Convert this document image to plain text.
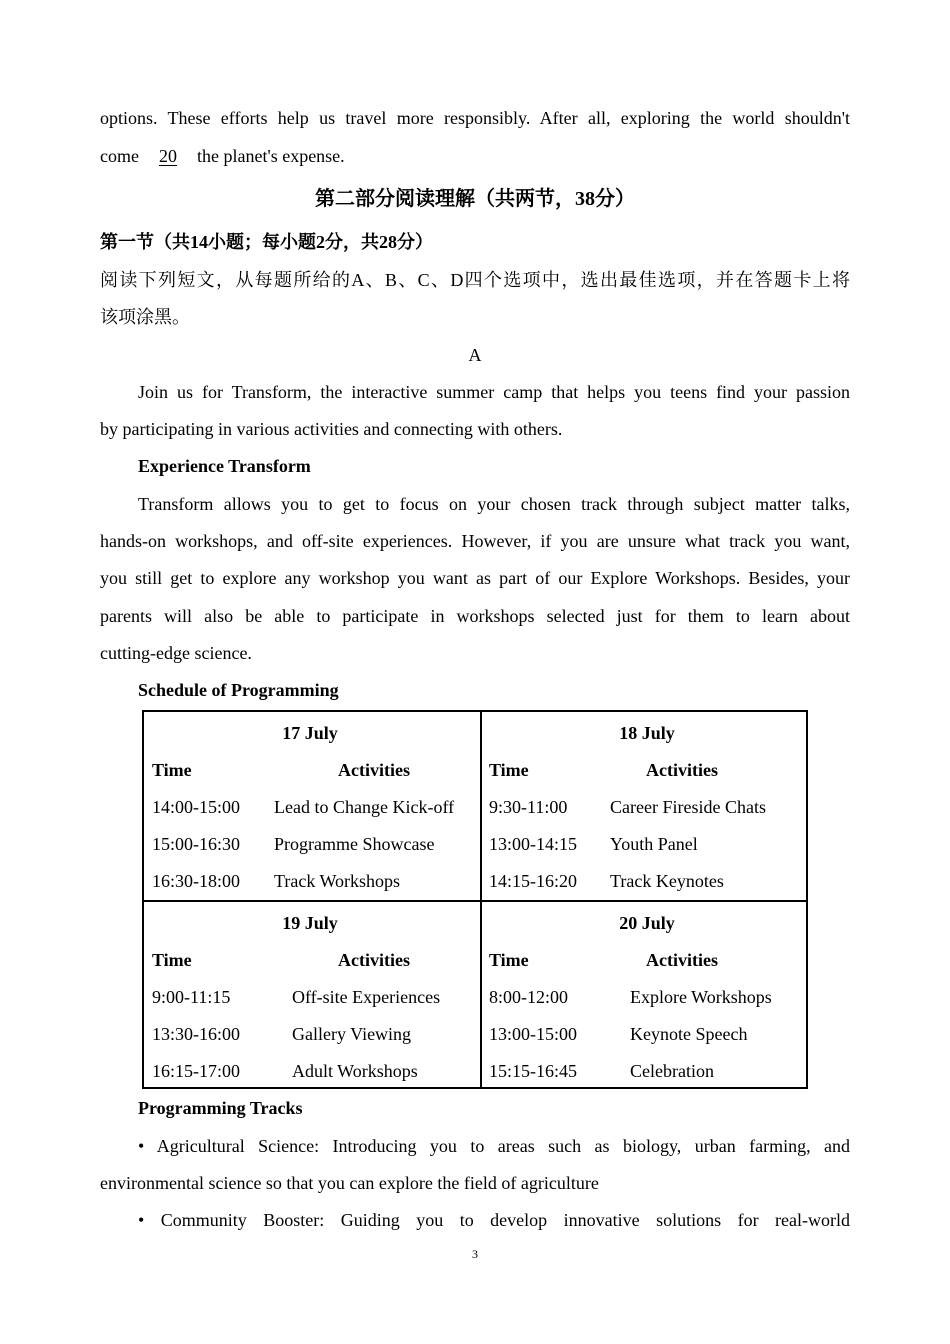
options. These efforts help us travel more responsibly. After all, exploring the world shouldn't
come 20 the planet's expense.
第二部分阅读理解（共两节，38分）
第一节（共14小题；每小题2分，共28分）
阅读下列短文，从每题所给的A、B、C、D四个选项中，选出最佳选项，并在答题卡上将
该项涂黑。
A
Join us for Transform, the interactive summer camp that helps you teens find your passion
by participating in various activities and connecting with others.
Experience Transform
Transform allows you to get to focus on your chosen track through subject matter talks,
hands-on workshops, and off-site experiences. However, if you are unsure what track you want,
you still get to explore any workshop you want as part of our Explore Workshops. Besides, your
parents will also be able to participate in workshops selected just for them to learn about
cutting-edge science.
Schedule of Programming
17 July
Time	Activities
14:00-15:00 Lead to Change Kick-off
15:00-16:30 Programme Showcase
16:30-18:00 Track Workshops
18 July
Time	Activities
9:30-11:00 Career Fireside Chats
13:00-14:15 Youth Panel
14:15-16:20 Track Keynotes
19 July
Time	Activities
9:00-11:15	Off-site Experiences
13:30-16:00	Gallery Viewing
16:15-17:00	Adult Workshops
20 July
Time	Activities
8:00-12:00	Explore Workshops
13:00-15:00	Keynote Speech
15:15-16:45	Celebration
Programming Tracks
• Agricultural Science: Introducing you to areas such as biology, urban farming, and
environmental science so that you can explore the field of agriculture
• Community Booster: Guiding you to develop innovative solutions for real-world
3
